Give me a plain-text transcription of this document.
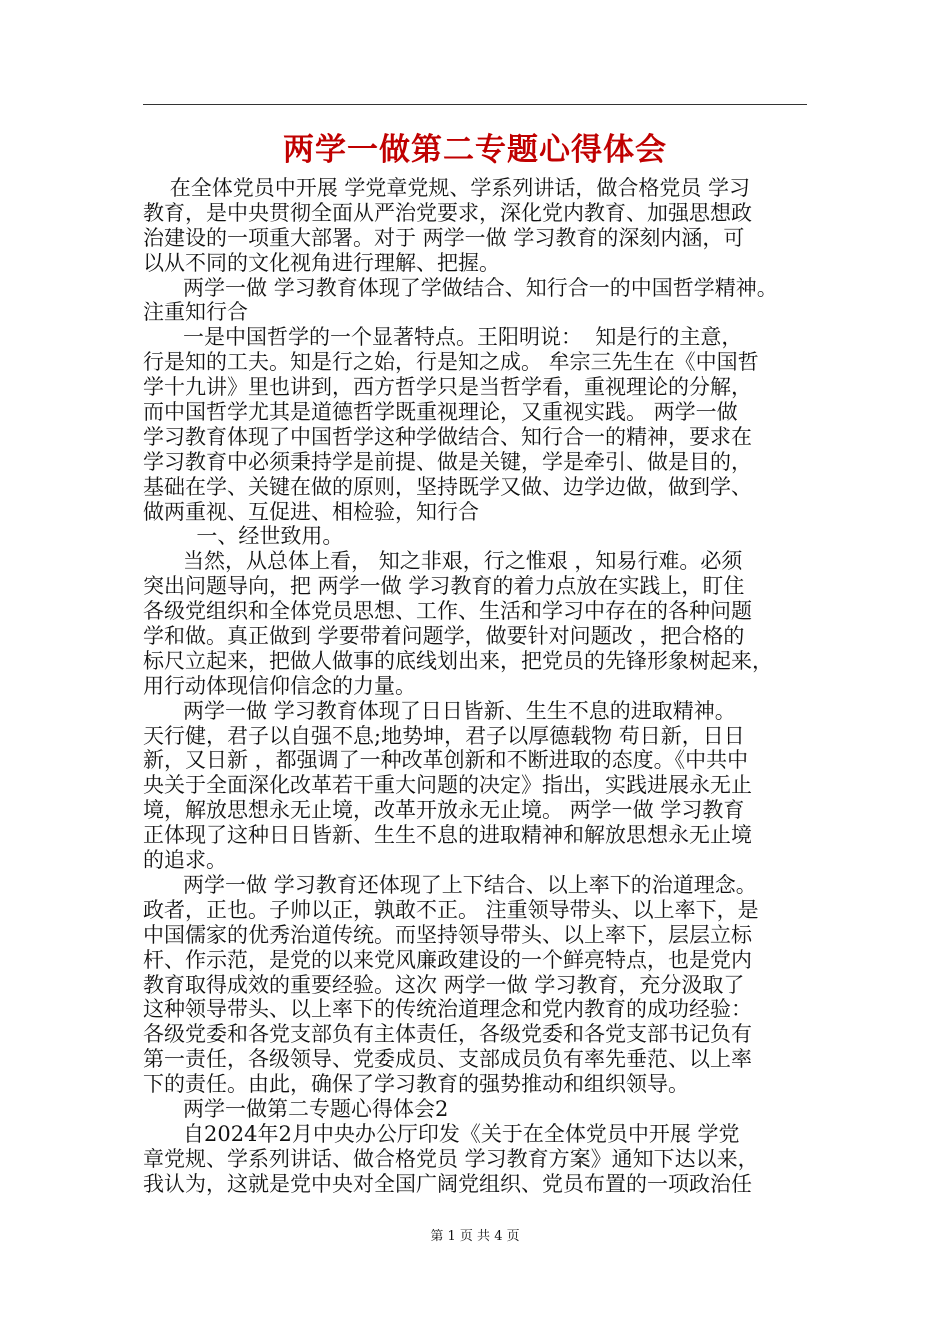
两学一做第二专题心得体会
在全体党员中开展 学党章党规、学系列讲话，做合格党员 学习
教育，是中央贯彻全面从严治党要求，深化党内教育、加强思想政
治建设的一项重大部署。对于 两学一做 学习教育的深刻内涵，可
以从不同的文化视角进行理解、把握。
两学一做 学习教育体现了学做结合、知行合一的中国哲学精神。
注重知行合
一是中国哲学的一个显著特点。王阳明说：  知是行的主意，
行是知的工夫。知是行之始，行是知之成。 牟宗三先生在《中国哲
学十九讲》里也讲到，西方哲学只是当哲学看，重视理论的分解，
而中国哲学尤其是道德哲学既重视理论，又重视实践。 两学一做
学习教育体现了中国哲学这种学做结合、知行合一的精神，要求在
学习教育中必须秉持学是前提、做是关键，学是牵引、做是目的，
基础在学、关键在做的原则，坚持既学又做、边学边做，做到学、
做两重视、互促进、相检验，知行合
一、经世致用。
当然，从总体上看， 知之非艰，行之惟艰 ，知易行难。必须
突出问题导向，把 两学一做 学习教育的着力点放在实践上，盯住
各级党组织和全体党员思想、工作、生活和学习中存在的各种问题
学和做。真正做到 学要带着问题学，做要针对问题改 ，把合格的
标尺立起来，把做人做事的底线划出来，把党员的先锋形象树起来，
用行动体现信仰信念的力量。
两学一做 学习教育体现了日日皆新、生生不息的进取精神。
天行健，君子以自强不息;地势坤，君子以厚德载物 苟日新，日日
新，又日新 ，都强调了一种改革创新和不断进取的态度。《中共中
央关于全面深化改革若干重大问题的决定》指出，实践进展永无止
境，解放思想永无止境，改革开放永无止境。 两学一做 学习教育
正体现了这种日日皆新、生生不息的进取精神和解放思想永无止境
的追求。
两学一做 学习教育还体现了上下结合、以上率下的治道理念。
政者，正也。子帅以正，孰敢不正。 注重领导带头、以上率下，是
中国儒家的优秀治道传统。而坚持领导带头、以上率下，层层立标
杆、作示范，是党的以来党风廉政建设的一个鲜亮特点，也是党内
教育取得成效的重要经验。这次 两学一做 学习教育，充分汲取了
这种领导带头、以上率下的传统治道理念和党内教育的成功经验：
各级党委和各党支部负有主体责任，各级党委和各党支部书记负有
第一责任，各级领导、党委成员、支部成员负有率先垂范、以上率
下的责任。由此，确保了学习教育的强势推动和组织领导。
两学一做第二专题心得体会2
自2024年2月中央办公厅印发《关于在全体党员中开展 学党
章党规、学系列讲话、做合格党员 学习教育方案》通知下达以来，
我认为，这就是党中央对全国广阔党组织、党员布置的一项政治任
第 1 页 共 4 页
